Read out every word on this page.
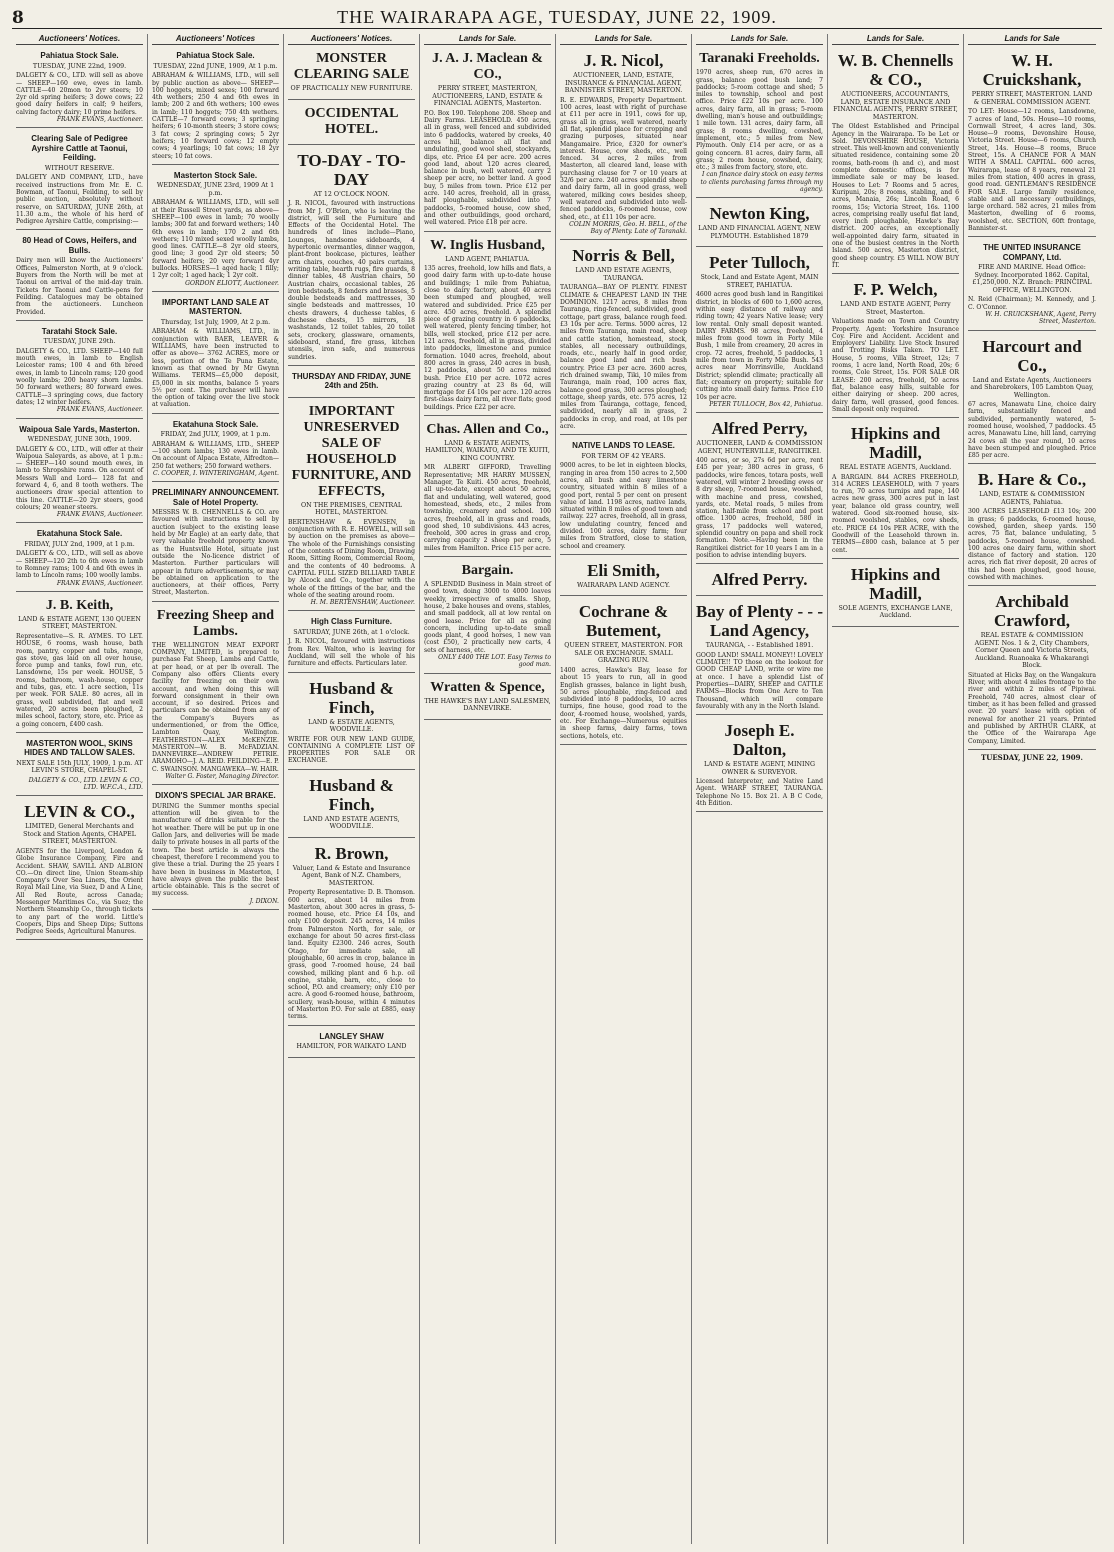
8	THE WAIRARAPA AGE, TUESDAY, JUNE 22, 1909.
Auctioneers' Notices.
Pahiatua Stock Sale.
TUESDAY, JUNE 22nd, 1909.

DALGETY & CO., LTD. will sell as above— SHEEP—160 ewe, ewes in lamb. CATTLE—40 20mon to 2yr steers; 10 2yr old spring heifers; 3 dowe cows; 22 good dairy heifers in calf; 9 heifers, calving factory dairy; 10 prime heifers.

FRANK EVANS, Auctioneer.
Clearing Sale of Pedigree Ayrshire Cattle at Taonui, Feilding.
WITHOUT RESERVE.

DALGETY AND COMPANY, LTD., have received instructions from Mr. E. C. Bowman, of Taonui, Feilding, to sell by public auction, absolutely without reserve, on SATURDAY, JUNE 26th, at 11.30 a.m., the whole of his herd of Pedigree Ayrshire Cattle, comprising:—

80 Head of Cows, Heifers, and Bulls.

Dairy men will know the Auctioneers' Offices, Palmerston North, at 9 o'clock. Buyers from the North will be met at Taonui on arrival of the mid-day train. Tickets for Taonui and Cattle-pens for Feilding. Catalogues may be obtained from the auctioneers. Luncheon Provided.

Taratahi Stock Sale.
TUESDAY, JUNE 29th.

DALGETY & CO., LTD. SHEEP—140 full mouth ewes, in lamb to English Leicester rams; 100 4 and 6th breed ewes, in lamb to Lincoln rams; 120 good woolly lambs; 200 heavy shorn lambs. 50 forward wethers; 80 forward ewes. CATTLE—3 springing cows, due factory dates; 12 winter heifers.

FRANK EVANS, Auctioneer.
Waipoua Sale Yards, Masterton.
WEDNESDAY, JUNE 30th, 1909.

DALGETY & CO., LTD., will offer at their Waipoua Saleyards, as above, at 1 p.m.:— SHEEP—140 sound mouth ewes, in lamb to Shropshire rams. On account of Messrs Wall and Lord— 128 fat and forward 4, 6, and 8 tooth wethers. The auctioneers draw special attention to this line. CATTLE—20 2yr steers, good colours; 20 weaner steers.

FRANK EVANS, Auctioneer.
Ekatahuna Stock Sale.
FRIDAY, JULY 2nd, 1909, at 1 p.m.

DALGETY & CO., LTD., will sell as above— SHEEP—120 2th to 6th ewes in lamb to Romney rams; 100 4 and 6th ewes in lamb to Lincoln rams; 100 woolly lambs.

FRANK EVANS, Auctioneer.
J. B. Keith,
LAND & ESTATE AGENT, 130 QUEEN STREET, MASTERTON.

Representative—S. R. AYMES. TO LET. HOUSE, 6 rooms, wash house, bath room, pantry, copper and tubs, range, gas stove, gas laid on all over house, force pump and tanks, fowl run, etc. Lansdowne, 15s per week. HOUSE, 5 rooms, bathroom, wash-house, copper and tubs, gas, etc. 1 acre section, 11s per week. FOR SALE. 80 acres, all in grass, well subdivided, flat and well watered, 20 acres been ploughed, 2 miles school, factory, store, etc. Price as a going concern, £400 cash.

MASTERTON WOOL, SKINS HIDES AND TALLOW SALES.
NEXT SALE 15th JULY, 1909, 1 p.m. AT LEVIN'S STORE, CHAPEL-ST.
DALGETY & CO., LTD. LEVIN & CO., LTD. W.F.C.A., LTD.
LEVIN & CO.,
LIMITED, General Merchants and Stock and Station Agents, CHAPEL STREET, MASTERTON.

AGENTS for the Liverpool, London & Globe Insurance Company, Fire and Accident. SHAW, SAVILL AND ALBION CO.—On direct line, Union Steam-ship Company's Over Sea Liners, the Orient Royal Mail Line, via Suez, D and A Line, All Red Route, across Canada; Messenger Maritimes Co., via Suez; the Northern Steamship Co., through tickets to any part of the world. Little's Coopers, Dips and Sheep Dips; Suttons Pedigree Seeds, Agricultural Manures.

Auctioneers' Notices
Pahiatua Stock Sale.
TUESDAY, 22nd JUNE, 1909, At 1 p.m.

ABRAHAM & WILLIAMS, LTD., will sell by public auction as above— SHEEP—100 hoggets, mixed sexes; 100 forward 4th wethers; 250 4 and 6th ewes in lamb; 200 2 and 6th wethers; 100 ewes in lamb; 110 hoggets; 750 4th wethers. CATTLE—7 forward cows; 3 springing heifers; 6 10-month steers; 3 store cows; 3 fat cows; 2 springing cows; 5 2yr heifers; 10 forward cows; 12 empty cows; 4 yearlings; 10 fat cows; 18 2yr steers; 10 fat cows.

Masterton Stock Sale.
WEDNESDAY, JUNE 23rd, 1909 At 1 p.m.

ABRAHAM & WILLIAMS, LTD., will sell at their Russell Street yards, as above— SHEEP—100 ewes in lamb; 70 woolly lambs; 300 fat and forward wethers; 140 6th ewes in lamb; 170 2 and 6th wethers; 110 mixed sexed woolly lambs, good lines. CATTLE—8 2yr old steers, good line; 3 good 2yr old steers; 50 forward heifers; 20 very forward 4yr bullocks. HORSES—1 aged hack; 1 filly; 1 2yr colt; 1 aged hack; 1 2yr colt.

GORDON ELIOTT, Auctioneer.
IMPORTANT LAND SALE AT MASTERTON.
Thursday, 1st July, 1909, At 2 p.m.

ABRAHAM & WILLIAMS, LTD., in conjunction with BAER, LEAVER & WILLIAMS, have been instructed to offer as above— 3762 ACRES, more or less, portion of the Te Puna Estate, known as that owned by Mr Gwynn Williams. TERMS—£5,000 deposit, £5,000 in six months, balance 5 years 5½ per cent. The purchaser will have the option of taking over the live stock at valuation.

Ekatahuna Stock Sale.
FRIDAY, 2nd JULY, 1909, at 1 p.m.

ABRAHAM & WILLIAMS, LTD., SHEEP—100 shorn lambs; 130 ewes in lamb. On account of Alpaca Estate, Alfredton— 250 fat wethers; 250 forward wethers.

C. COOPER, I. WINTERINGHAM, Agent.
PRELIMINARY ANNOUNCEMENT. Sale of Hotel Property.

MESSRS W. B. CHENNELLS & CO. are favoured with instructions to sell by auction (subject to the existing lease held by Mr Eagle) at an early date, that very valuable freehold property known as the Huntsville Hotel, situate just outside the No-licence district of Masterton. Further particulars will appear in future advertisements, or may be obtained on application to the auctioneers, at their offices, Perry Street, Masterton.

Freezing Sheep and Lambs.

THE WELLINGTON MEAT EXPORT COMPANY, LIMITED, is prepared to purchase Fat Sheep, Lambs and Cattle, at per head, or at per lb overall. The Company also offers Clients every facility for freezing on their own account, and when doing this will forward consignment in their own account, if so desired. Prices and particulars can be obtained from any of the Company's Buyers as undermentioned, or from the Office, Lambton Quay, Wellington. FEATHERSTON—ALEX McKENZIE. MASTERTON—W. B. McFADZIAN. DANNEVIRKE—ANDREW PETRIE. ARAMOHO—J. A. REID. FEILDING—E. P. C. SWAINSON. MANGAWEKA—W. HAIR.

Walter G. Foster, Managing Director.
DIXON'S SPECIAL JAR BRAKE.

DURING the Summer months special attention will be given to the manufacture of drinks suitable for the hot weather. There will be put up in one Gallon Jars, and deliveries will be made daily to private houses in all parts of the town. The best article is always the cheapest, therefore I recommend you to give these a trial. During the 25 years I have been in business in Masterton, I have always given the public the best article obtainable. This is the secret of my success.

J. DIXON.
Auctioneers' Notices.
MONSTER CLEARING SALE
OF PRACTICALLY NEW FURNITURE.
OCCIDENTAL HOTEL.
TO-DAY - TO-DAY
AT 12 O'CLOCK NOON.

J. R. NICOL, favoured with instructions from Mr J. O'Brien, who is leaving the district, will sell the Furniture and Effects of the Occidental Hotel. The hundreds of lines include—Piano, Lounges, handsome sideboards, 4 hypertonic overmantles, dinner waggon, plant-front bookcase, pictures, leather arm chairs, couches, 40 pairs curtains, writing table, hearth rugs, fire guards, 8 dinner tables, 48 Austrian chairs, 50 Austrian chairs, occasional tables, 26 iron bedsteads, 8 fenders and brasses, 5 double bedsteads and mattresses, 30 single bedsteads and mattresses, 10 chests drawers, 4 duchesse tables, 6 duchesse chests, 15 mirrors, 18 washstands, 12 toilet tables, 20 toilet sets, crockery, glassware, ornaments, sideboard, stand, fire grass, kitchen utensils, iron safe, and numerous sundries.

THURSDAY AND FRIDAY, JUNE 24th and 25th.
IMPORTANT UNRESERVED SALE OF HOUSEHOLD FURNITURE, AND EFFECTS,
ON THE PREMISES, CENTRAL HOTEL, MASTERTON.

BERTENSHAW & EVENSEN, in conjunction with R. E. HOWELL, will sell by auction on the premises as above— The whole of the Furnishings consisting of the contents of Dining Room, Drawing Room, Sitting Room, Commercial Room, and the contents of 40 bedrooms. A CAPITAL FULL SIZED BILLIARD TABLE by Alcock and Co., together with the whole of the fittings of the bar, and the whole of the seating around room.

H. M. BERTENSHAW, Auctioneer.
High Class Furniture.
SATURDAY, JUNE 26th, at 1 o'clock.

J. R. NICOL, favoured with instructions from Rev. Walton, who is leaving for Auckland, will sell the whole of his furniture and effects. Particulars later.

Husband & Finch,
LAND & ESTATE AGENTS, WOODVILLE.

WRITE FOR OUR NEW LAND GUIDE, CONTAINING A COMPLETE LIST OF PROPERTIES FOR SALE OR EXCHANGE.

Husband & Finch,
LAND AND ESTATE AGENTS, WOODVILLE.
R. Brown,
Valuer, Land & Estate and Insurance Agent, Bank of N.Z. Chambers, MASTERTON.

Property Representative: D. B. Thomson. 600 acres, about 14 miles from Masterton, about 300 acres in grass, 5-roomed house, etc. Price £4 10s, and only £100 deposit. 245 acres, 14 miles from Palmerston North, for sale, or exchange for about 50 acres first-class land. Equity £2300. 246 acres, South Otago, for immediate sale, all ploughable, 60 acres in crop, balance in grass, good 7-roomed house, 24 bail cowshed, milking plant and 6 h.p. oil engine, stable, barn, etc., close to school, P.O. and creamery; only £10 per acre. A good 6-roomed house, bathroom, scullery, wash-house, within 4 minutes of Masterton P.O. For sale at £885, easy terms.

LANGLEY SHAW
HAMILTON, FOR WAIKATO LAND
Lands for Sale.
J. A. J. Maclean & CO.,
PERRY STREET, MASTERTON, AUCTIONEERS, LAND, ESTATE & FINANCIAL AGENTS, Masterton.

P.O. Box 190. Telephone 208. Sheep and Dairy Farms. LEASEHOLD. 450 acres, all in grass, well fenced and subdivided into 6 paddocks, watered by creeks, 40 acres hill, balance all flat and undulating, good wool shed, stockyards, dips, etc. Price £4 per acre. 200 acres good land, about 120 acres cleared, balance in bush, well watered, carry 2 sheep per acre, no better land. A good buy, 5 miles from town. Price £12 per acre. 140 acres, freehold, all in grass, half ploughable, subdivided into 7 paddocks, 5-roomed house, cow shed, and other outbuildings, good orchard, well watered. Price £18 per acre.

W. Inglis Husband,
LAND AGENT, PAHIATUA.

135 acres, freehold, low hills and flats, a good dairy farm with up-to-date house and buildings; 1 mile from Pahiatua, close to dairy factory, about 40 acres been stumped and ploughed, well watered and subdivided. Price £25 per acre. 450 acres, freehold. A splendid piece of grazing country in 6 paddocks, well watered, plenty fencing timber, hot bills, well stocked, price £12 per acre. 121 acres, freehold, all in grass, divided into paddocks, limestone and pumice formation. 1040 acres, freehold, about 800 acres in grass, 240 acres in bush, 12 paddocks, about 50 acres mixed bush. Price £10 per acre. 1072 acres grazing country at 23 8s 6d, will mortgage for £4 10s per acre. 120 acres first-class dairy farm, all river flats; good buildings. Price £22 per acre.

Chas. Allen and Co.,
LAND & ESTATE AGENTS, HAMILTON, WAIKATO, AND TE KUITI, KING COUNTRY.

MR ALBERT GIFFORD, Travelling Representative; MR HARRY MUSSEN, Manager, Te Kuiti. 450 acres, freehold, all up-to-date, except about 50 acres, flat and undulating, well watered, good homestead, sheds, etc., 2 miles from township, creamery and school. 100 acres, freehold, all in grass and roads, good shed, 10 subdivisions. 443 acres, freehold, 300 acres in grass and crop, carrying capacity 2 sheep per acre, 5 miles from Hamilton. Price £15 per acre.

Bargain.

A SPLENDID Business in Main street of good town, doing 3000 to 4000 loaves weekly, irrespective of smalls. Shop, house, 2 bake houses and ovens, stables, and small paddock, all at low rental on good lease. Price for all as going concern, including up-to-date small goods plant, 4 good horses, 1 new van (cost £50), 2 practically new carts, 4 sets of harness, etc.

ONLY £400 THE LOT. Easy Terms to good man.
Wratten & Spence,
THE HAWKE'S BAY LAND SALESMEN, DANNEVIRKE.
Lands for Sale.
J. R. Nicol,
AUCTIONEER, LAND, ESTATE, INSURANCE & FINANCIAL AGENT, BANNISTER STREET, MASTERTON.

R. E. EDWARDS, Property Department. 100 acres, least with right of purchase at £11 per acre in 1911, cows for up, grass all in grass, well watered, nearly all flat, splendid place for cropping and grazing purposes, situated near Mangamaire. Price, £320 for owner's interest. House, cow sheds, etc., well fenced. 34 acres, 2 miles from Masterton, all cleared land, lease with purchasing clause for 7 or 10 years at 32/6 per acre. 240 acres splendid sheep and dairy farm, all in good grass, well watered, milking cows besides sheep, well watered and subdivided into well-fenced paddocks, 6-roomed house, cow shed, etc., at £11 10s per acre.

COLIN MORRIS, Geo. H. BELL, of the Bay of Plenty. Late of Taranaki.
Norris & Bell,
LAND AND ESTATE AGENTS, TAURANGA.

TAURANGA—BAY OF PLENTY. FINEST CLIMATE & CHEAPEST LAND IN THE DOMINION. 1217 acres, 8 miles from Tauranga, ring-fenced, subdivided, good cottage, part grass, balance rough feed. £3 10s per acre. Terms. 5000 acres, 12 miles from Tauranga, main road, sheep and cattle station, homestead, stock, stables, all necessary outbuildings, roads, etc., nearly half in good order, balance good land and rich bush country. Price £3 per acre. 3600 acres, rich drained swamp, Tiki, 10 miles from Tauranga, main road, 100 acres flax, balance good grass, 300 acres ploughed; cottage, sheep yards, etc. 575 acres, 12 miles from Tauranga, cottage, fenced, subdivided, nearly all in grass, 2 paddocks in crop, and road, at 10s per acre.

NATIVE LANDS TO LEASE.
FOR TERM OF 42 YEARS.

9000 acres, to be let in eighteen blocks, ranging in area from 150 acres to 2,500 acres, all bush and easy limestone country, situated within 8 miles of a good port, rental 5 per cent on present value of land. 1198 acres, native lands, situated within 8 miles of good town and railway. 227 acres, freehold, all in grass, low undulating country, fenced and divided. 100 acres, dairy farm; four miles from Stratford, close to station, school and creamery.

Eli Smith,
WAIRARAPA LAND AGENCY.
Cochrane & Butement,
QUEEN STREET, MASTERTON. FOR SALE OR EXCHANGE. SMALL GRAZING RUN.

1400 acres, Hawke's Bay, lease for about 15 years to run, all in good English grasses, balance in light bush, 50 acres ploughable, ring-fenced and subdivided into 8 paddocks, 10 acres turnips, fine house, good road to the door, 4-roomed house, woolshed, yards, etc. For Exchange—Numerous equities in sheep farms, dairy farms, town sections, hotels, etc.

Lands for Sale.
Taranaki Freeholds.

1970 acres, sheep run, 670 acres in grass, balance good bush land; 7 paddocks; 5-room cottage and shed; 5 miles to township, school and post office. Price £22 10s per acre. 100 acres, dairy farm, all in grass; 5-room dwelling, man's house and outbuildings; 1 mile town. 131 acres, dairy farm, all grass; 8 rooms dwelling, cowshed, implement, etc.; 5 miles from New Plymouth. Only £14 per acre, or as a going concern. 81 acres, dairy farm, all grass; 2 room house, cowshed, dairy, etc.; 3 miles from factory, store, etc.

I can finance dairy stock on easy terms to clients purchasing farms through my agency.
Newton King,
LAND AND FINANCIAL AGENT, NEW PLYMOUTH. Established 1879
Peter Tulloch,
Stock, Land and Estate Agent, MAIN STREET, PAHIATUA.

4600 acres good bush land in Rangitikei district, in blocks of 600 to 1,600 acres, within easy distance of railway and riding town; 42 years Native lease; very low rental. Only small deposit wanted. DAIRY FARMS. 98 acres, freehold, 4 miles from good town in Forty Mile Bush, 1 mile from creamery, 20 acres in crop. 72 acres, freehold, 5 paddocks, 1 mile from town in Forty Mile Bush. 543 acres near Morrinsville, Auckland District; splendid climate; practically all flat; creamery on property; suitable for cutting into small dairy farms. Price £10 10s per acre.

PETER TULLOCH, Box 42, Pahiatua.
Alfred Perry,
AUCTIONEER, LAND & COMMISSION AGENT, HUNTERVILLE, RANGITIKEI.

400 acres, or so, 27s 6d per acre, rent £45 per year; 380 acres in grass, 6 paddocks, wire fences, totara posts, well watered, will winter 2 breeding ewes or 8 dry sheep, 7-roomed house, woolshed, with machine and press, cowshed, yards, etc. Metal roads, 5 miles from station, half-mile from school and post office. 1300 acres, freehold, 580 in grass, 17 paddocks well watered, splendid country on papa and shell rock formation. Note.—Having been in the Rangitikei district for 10 years I am in a position to advise intending buyers.

Alfred Perry.
Bay of Plenty - - - Land Agency,
TAURANGA, - - Established 1891.

GOOD LAND! SMALL MONEY!! LOVELY CLIMATE!! TO those on the lookout for GOOD CHEAP LAND, write or wire me at once. I have a splendid List of Properties—DAIRY, SHEEP and CATTLE FARMS—Blocks from One Acre to Ten Thousand, which will compare favourably with any in the North Island.

Joseph E. Dalton,
LAND & ESTATE AGENT, MINING OWNER & SURVEYOR.

Licensed Interpreter, and Native Land Agent. WHARF STREET, TAURANGA. Telephone No 15. Box 21. A B C Code, 4th Edition.

Lands for Sale.
W. B. Chennells & CO.,
AUCTIONEERS, ACCOUNTANTS, LAND, ESTATE INSURANCE AND FINANCIAL AGENTS, PERRY STREET, MASTERTON.

The Oldest Established and Principal Agency in the Wairarapa. To be Let or Sold. DEVONSHIRE HOUSE, Victoria street. This well-known and conveniently situated residence, containing some 20 rooms, bath-room (h and c), and most complete domestic offices, is for immediate sale or may be leased. Houses to Let: 7 Rooms and 5 acres, Kuripuni, 20s; 8 rooms, stabling, and 6 acres, Manaia, 26s; Lincoln Road, 6 rooms, 15s; Victoria Street, 16s. 1100 acres, comprising really useful flat land, every inch ploughable, Hawke's Bay district. 200 acres, an exceptionally well-appointed dairy farm, situated in one of the busiest centres in the North Island. 500 acres, Masterton district, good sheep country. £5 WILL NOW BUY IT.

F. P. Welch,
LAND AND ESTATE AGENT, Perry Street, Masterton.

Valuations made on Town and Country Property. Agent: Yorkshire Insurance Coy. Fire and Accident. Accident and Employers' Liability. Live Stock Insured and Trotting Risks Taken. TO LET. House, 5 rooms, Villa Street, 12s; 7 rooms, 1 acre land, North Road, 20s; 6 rooms, Cole Street, 15s. FOR SALE OR LEASE: 200 acres, freehold, 50 acres flat, balance easy hills, suitable for either dairying or sheep. 200 acres, dairy farm, well grassed, good fences. Small deposit only required.

Hipkins and Madill,
REAL ESTATE AGENTS, Auckland.

A BARGAIN. 844 ACRES FREEHOLD, 314 ACRES LEASEHOLD, with 7 years to run, 70 acres turnips and rape, 140 acres new grass, 300 acres put in last year, balance old grass country, well watered. Good six-roomed house, six-roomed woolshed, stables, cow sheds, etc. PRICE £4 10s PER ACRE, with the Goodwill of the Leasehold thrown in. TERMS—£800 cash, balance at 5 per cent.

Hipkins and Madill,
SOLE AGENTS, EXCHANGE LANE, Auckland.
Lands for Sale
W. H. Cruickshank,
PERRY STREET, MASTERTON. LAND & GENERAL COMMISSION AGENT.

TO LET: House—12 rooms, Lansdowne, 7 acres of land, 50s. House—10 rooms, Cornwall Street, 4 acres land, 30s. House—9 rooms, Devonshire House, Victoria Street. House—6 rooms, Church Street, 14s. House—8 rooms, Bruce Street, 15s. A CHANCE FOR A MAN WITH A SMALL CAPITAL. 600 acres, Wairarapa, lease of 8 years, renewal 21 miles from station, 400 acres in grass, good road. GENTLEMAN'S RESIDENCE FOR SALE. Large family residence, stable and all necessary outbuildings, large orchard. 582 acres, 21 miles from Masterton, dwelling of 6 rooms, woolshed, etc. SECTION, 60ft frontage, Bannister-st.

THE UNITED INSURANCE COMPANY, Ltd.
FIRE AND MARINE. Head Office: Sydney. Incorporated 1862. Capital, £1,250,000. N.Z. Branch: PRINCIPAL OFFICE, WELLINGTON.

N. Reid (Chairman); M. Kennedy, and J. C. O'Connor.

W. H. CRUICKSHANK, Agent, Perry Street, Masterton.
Harcourt and Co.,
Land and Estate Agents, Auctioneers and Sharebrokers, 105 Lambton Quay, Wellington.

67 acres, Manawatu Line, choice dairy farm, substantially fenced and subdivided, permanently watered, 5-roomed house, woolshed, 7 paddocks. 45 acres, Manawatu Line, hill land, carrying 24 cows all the year round, 10 acres have been stumped and ploughed. Price £85 per acre.

B. Hare & Co.,
LAND, ESTATE & COMMISSION AGENTS, Pahiatua.

300 ACRES LEASEHOLD £13 10s; 200 in grass; 6 paddocks, 6-roomed house, cowshed, garden, sheep yards. 150 acres, 75 flat, balance undulating, 5 paddocks, 5-roomed house, cowshed. 100 acres one dairy farm, within short distance of factory and station. 120 acres, rich flat river deposit, 20 acres of this had been ploughed, good house, cowshed with machines.

Archibald Crawford,
REAL ESTATE & COMMISSION AGENT. Nos. 1 & 2, City Chambers, Corner Queen and Victoria Streets, Auckland. Ruanoaka & Whakarangi Block.

Situated at Hicks Bay, on the Wangakura River, with about 4 miles frontage to the river and within 2 miles of Pipiwai. Freehold, 740 acres, almost clear of timber, as it has been felled and grassed over. 20 years' lease with option of renewal for another 21 years. Printed and published by ARTHUR CLARK, at the Office of the Wairarapa Age Company, Limited.

TUESDAY, JUNE 22, 1909.
